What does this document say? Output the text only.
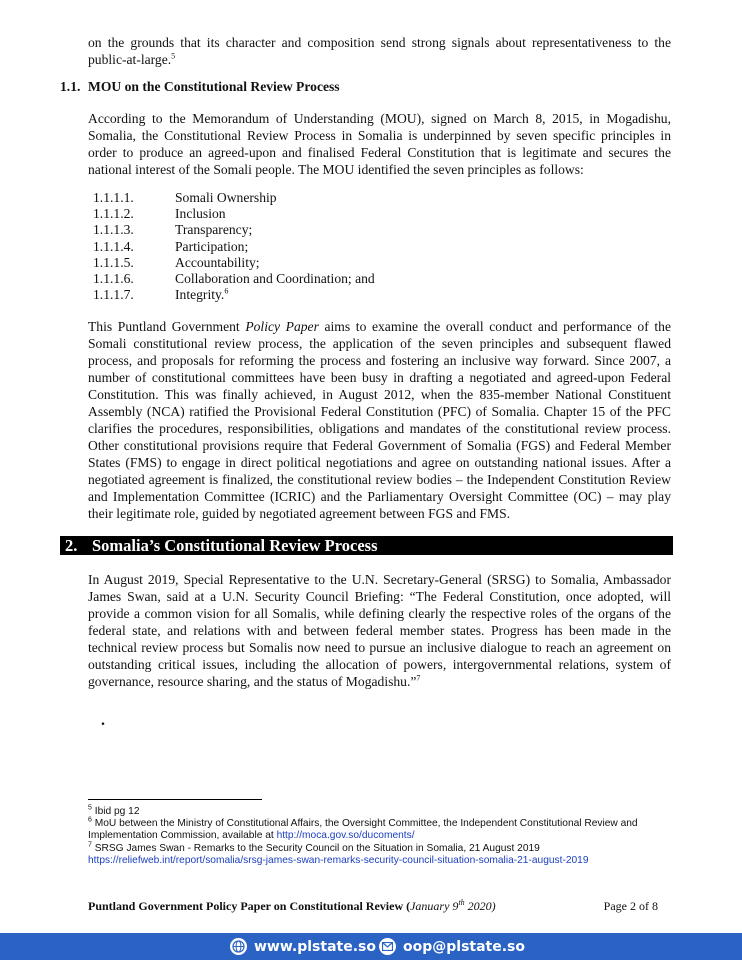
on the grounds that its character and composition send strong signals about representativeness to the public-at-large.$^5$

1.1. MOU on the Constitutional Review Process

According to the Memorandum of Understanding (MOU), signed on March 8, 2015, in Mogadishu, Somalia, the Constitutional Review Process in Somalia is underpinned by seven specific principles in order to produce an agreed-upon and finalised Federal Constitution that is legitimate and secures the national interest of the Somali people. The MOU identified the seven principles as follows:

1.1.1.1.	Somali Ownership
1.1.1.2.	Inclusion
1.1.1.3.	Transparency;
1.1.1.4.	Participation;
1.1.1.5.	Accountability;
1.1.1.6.	Collaboration and Coordination; and
1.1.1.7.	Integrity.$^6$

This Puntland Government Policy Paper aims to examine the overall conduct and performance of the Somali constitutional review process, the application of the seven principles and subsequent flawed process, and proposals for reforming the process and fostering an inclusive way forward. Since 2007, a number of constitutional committees have been busy in drafting a negotiated and agreed-upon Federal Constitution. This was finally achieved, in August 2012, when the 835-member National Constituent Assembly (NCA) ratified the Provisional Federal Constitution (PFC) of Somalia. Chapter 15 of the PFC clarifies the procedures, responsibilities, obligations and mandates of the constitutional review process. Other constitutional provisions require that Federal Government of Somalia (FGS) and Federal Member States (FMS) to engage in direct political negotiations and agree on outstanding national issues. After a negotiated agreement is finalized, the constitutional review bodies – the Independent Constitution Review and Implementation Committee (ICRIC) and the Parliamentary Oversight Committee (OC) – may play their legitimate role, guided by negotiated agreement between FGS and FMS.

2. Somalia’s Constitutional Review Process

In August 2019, Special Representative to the U.N. Secretary-General (SRSG) to Somalia, Ambassador James Swan, said at a U.N. Security Council Briefing: “The Federal Constitution, once adopted, will provide a common vision for all Somalis, while defining clearly the respective roles of the organs of the federal state, and relations with and between federal member states. Progress has been made in the technical review process but Somalis now need to pursue an inclusive dialogue to reach an agreement on outstanding critical issues, including the allocation of powers, intergovernmental relations, system of governance, resource sharing, and the status of Mogadishu.”$^7$

.
$^5$ Ibid pg 12
$^6$ MoU between the Ministry of Constitutional Affairs, the Oversight Committee, the Independent Constitutional Review and Implementation Commission, available at http://moca.gov.so/ducoments/
$^7$ SRSG James Swan - Remarks to the Security Council on the Situation in Somalia, 21 August 2019
https://reliefweb.int/report/somalia/srsg-james-swan-remarks-security-council-situation-somalia-21-august-2019
Puntland Government Policy Paper on Constitutional Review (January 9th 2020)	Page 2 of 8
www.plstate.so oop@plstate.so
